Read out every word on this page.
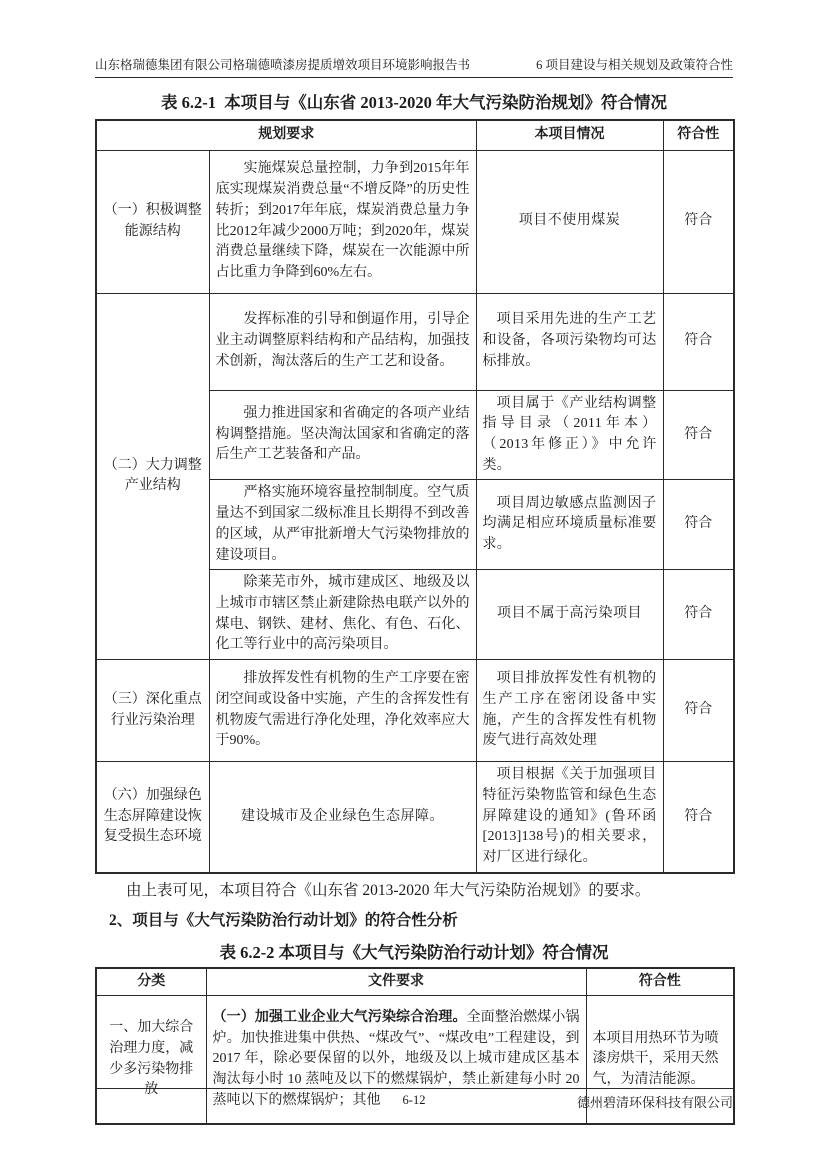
山东格瑞德集团有限公司格瑞德喷漆房提质增效项目环境影响报告书	6 项目建设与相关规划及政策符合性
表 6.2-1  本项目与《山东省 2013-2020 年大气污染防治规划》符合情况
规划要求		本项目情况	符合性
（一）积极调整能源结构	实施煤炭总量控制，力争到2015年年底实现煤炭消费总量“不增反降”的历史性转折；到2017年年底，煤炭消费总量力争比2012年减少2000万吨；到2020年，煤炭消费总量继续下降，煤炭在一次能源中所占比重力争降到60%左右。	项目不使用煤炭	符合
（二）大力调整产业结构	发挥标准的引导和倒逼作用，引导企业主动调整原料结构和产品结构，加强技术创新，淘汰落后的生产工艺和设备。	项目采用先进的生产工艺和设备，各项污染物均可达标排放。	符合

	强力推进国家和省确定的各项产业结构调整措施。坚决淘汰国家和省确定的落后生产工艺装备和产品。	项目属于《产业结构调整指导目录（2011年本）（2013年修正）》中允许类。	符合

	严格实施环境容量控制制度。空气质量达不到国家二级标准且长期得不到改善的区域，从严审批新增大气污染物排放的建设项目。	项目周边敏感点监测因子均满足相应环境质量标准要求。	符合

	除莱芜市外，城市建成区、地级及以上城市市辖区禁止新建除热电联产以外的煤电、钢铁、建材、焦化、有色、石化、化工等行业中的高污染项目。	项目不属于高污染项目	符合
（三）深化重点行业污染治理	排放挥发性有机物的生产工序要在密闭空间或设备中实施，产生的含挥发性有机物废气需进行净化处理，净化效率应大于90%。	项目排放挥发性有机物的生产工序在密闭设备中实施，产生的含挥发性有机物废气进行高效处理	符合
（六）加强绿色生态屏障建设恢复受损生态环境	建设城市及企业绿色生态屏障。	项目根据《关于加强项目特征污染物监管和绿色生态屏障建设的通知》(鲁环函[2013]138号)的相关要求，对厂区进行绿化。	符合

由上表可见，本项目符合《山东省 2013-2020 年大气污染防治规划》的要求。

2、项目与《大气污染防治行动计划》的符合性分析
表 6.2-2 本项目与《大气污染防治行动计划》符合情况
分类	文件要求	符合性
一、加大综合治理力度，减少多污染物排放	（一）加强工业企业大气污染综合治理。全面整治燃煤小锅炉。加快推进集中供热、“煤改气”、“煤改电”工程建设，到 2017 年，除必要保留的以外，地级及以上城市建成区基本淘汰每小时 10 蒸吨及以下的燃煤锅炉，禁止新建每小时 20 蒸吨以下的燃煤锅炉；其他	本项目用热环节为喷漆房烘干，采用天然气，为清洁能源。
6-12	德州碧清环保科技有限公司
